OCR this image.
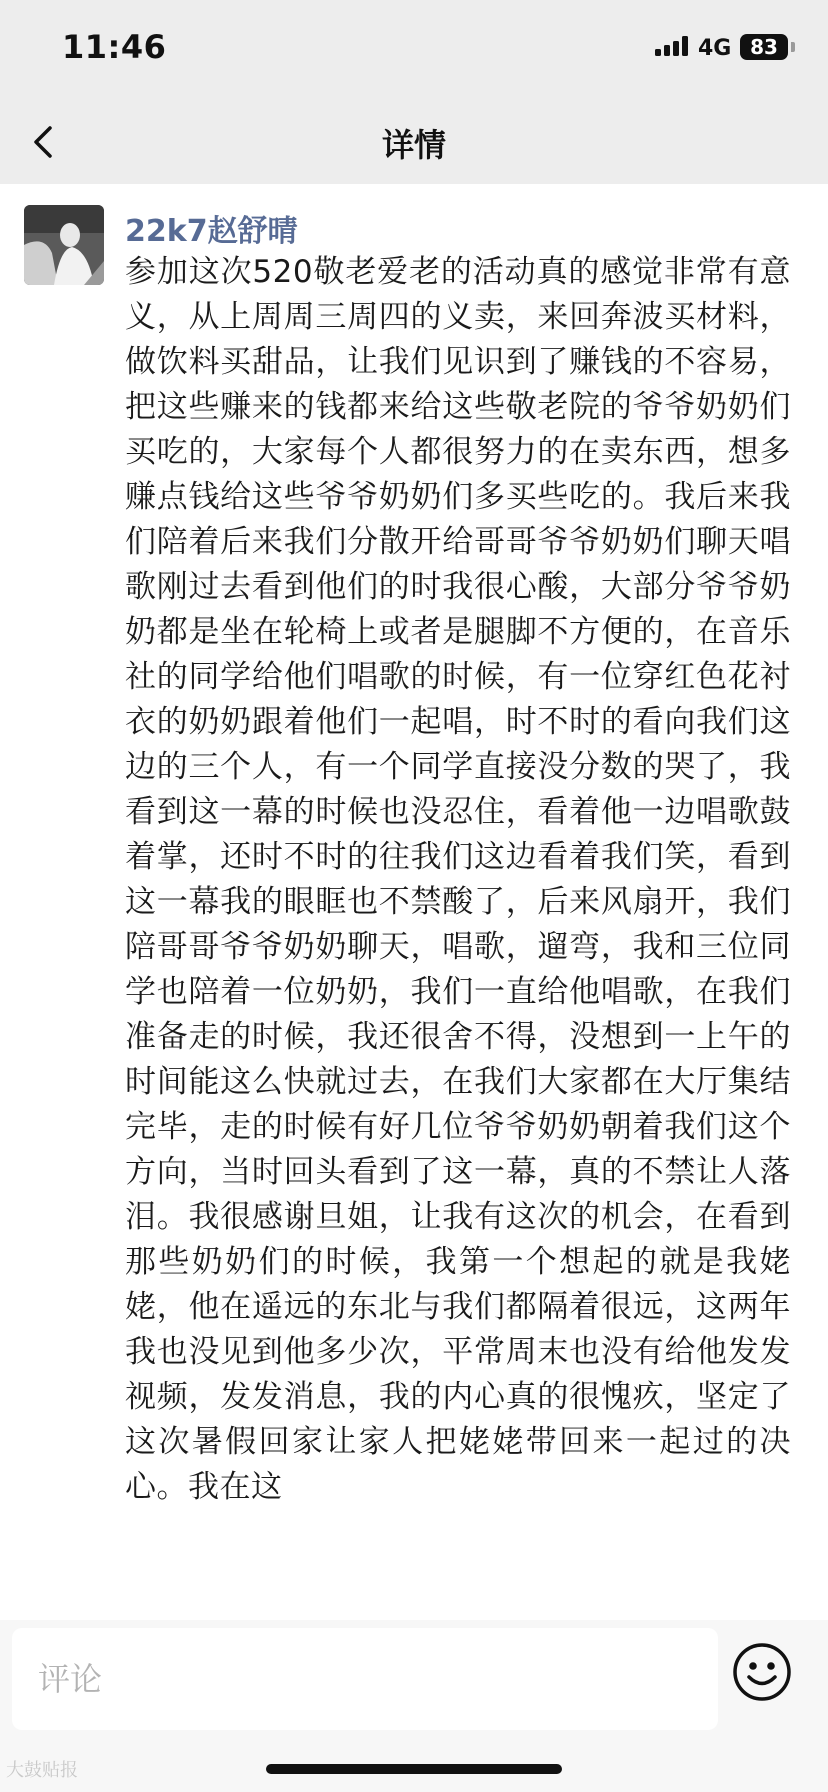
11:46	4G 83
详情
22k7赵舒晴

参加这次520敬老爱老的活动真的感觉非常有意义，从上周周三周四的义卖，来回奔波买材料，做饮料买甜品，让我们见识到了赚钱的不容易，把这些赚来的钱都来给这些敬老院的爷爷奶奶们买吃的，大家每个人都很努力的在卖东西，想多赚点钱给这些爷爷奶奶们多买些吃的。我后来我们陪着后来我们分散开给哥哥爷爷奶奶们聊天唱歌刚过去看到他们的时我很心酸，大部分爷爷奶奶都是坐在轮椅上或者是腿脚不方便的，在音乐社的同学给他们唱歌的时候，有一位穿红色花衬衣的奶奶跟着他们一起唱，时不时的看向我们这边的三个人，有一个同学直接没分数的哭了，我看到这一幕的时候也没忍住，看着他一边唱歌鼓着掌，还时不时的往我们这边看着我们笑，看到这一幕我的眼眶也不禁酸了，后来风扇开，我们陪哥哥爷爷奶奶聊天，唱歌，遛弯，我和三位同学也陪着一位奶奶，我们一直给他唱歌，在我们准备走的时候，我还很舍不得，没想到一上午的时间能这么快就过去，在我们大家都在大厅集结完毕，走的时候有好几位爷爷奶奶朝着我们这个方向，当时回头看到了这一幕，真的不禁让人落泪。我很感谢旦姐，让我有这次的机会，在看到那些奶奶们的时候，我第一个想起的就是我姥姥，他在遥远的东北与我们都隔着很远，这两年我也没见到他多少次，平常周末也没有给他发发视频，发发消息，我的内心真的很愧疚，坚定了这次暑假回家让家人把姥姥带回来一起过的决心。我在这

评论
大鼓贴报
